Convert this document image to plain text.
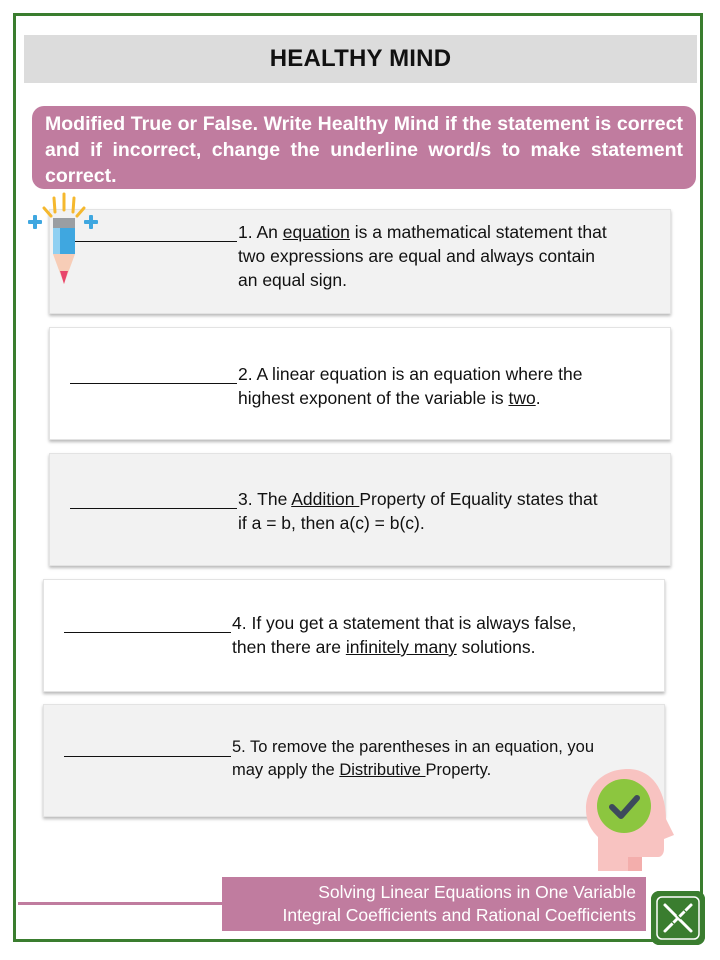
HEALTHY MIND
Modified True or False. Write Healthy Mind if the statement is correct and if incorrect, change the underline word/s to make statement correct.
1. An equation is a mathematical statement that
two expressions are equal and always contain
an equal sign.
2. A linear equation is an equation where the
highest exponent of the variable is two.
3. The Addition Property of Equality states that
if a = b, then a(c) = b(c).
4. If you get a statement that is always false,
then there are infinitely many solutions.
5. To remove the parentheses in an equation, you
may apply the Distributive Property.
Solving Linear Equations in One Variable
Integral Coefficients and Rational Coefficients
